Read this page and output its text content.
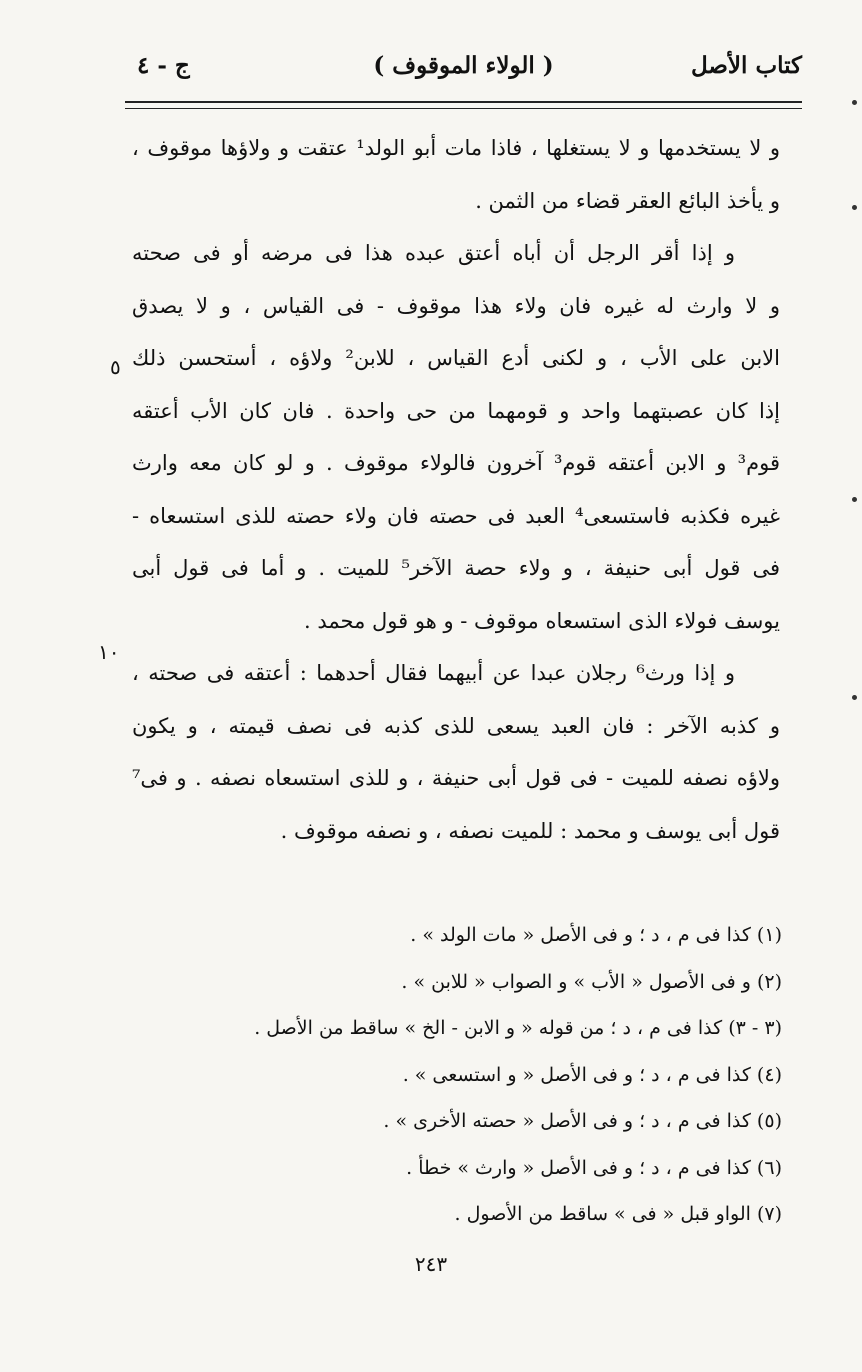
كتاب الأصل
( الولاء الموقوف )
ج - ٤
و لا يستخدمها و لا يستغلها ، فاذا مات أبو الولد¹ عتقت و ولاؤها موقوف ،
و يأخذ البائع العقر قضاء من الثمن .
و إذا أقر الرجل أن أباه أعتق عبده هذا فى مرضه أو فى صحته
و لا وارث له غيره فان ولاء هذا موقوف - فى القياس ، و لا يصدق
الابن على الأب ، و لكنى أدع القياس ، للابن² ولاؤه ، أستحسن ذلك
إذا كان عصبتهما واحد و قومهما من حى واحدة . فان كان الأب أعتقه
قوم³ و الابن أعتقه قوم³ آخرون فالولاء موقوف . و لو كان معه وارث
غيره فكذبه فاستسعى⁴ العبد فى حصته فان ولاء حصته للذى استسعاه -
فى قول أبى حنيفة ، و ولاء حصة الآخر⁵ للميت . و أما فى قول أبى
يوسف فولاء الذى استسعاه موقوف - و هو قول محمد .
و إذا ورث⁶ رجلان عبدا عن أبيهما فقال أحدهما : أعتقه فى صحته ،
و كذبه الآخر : فان العبد يسعى للذى كذبه فى نصف قيمته ، و يكون
ولاؤه نصفه للميت - فى قول أبى حنيفة ، و للذى استسعاه نصفه . و فى⁷
قول أبى يوسف و محمد : للميت نصفه ، و نصفه موقوف .
٥
١٠
(١) كذا فى م ، د ؛ و فى الأصل « مات الولد » .
(٢) و فى الأصول « الأب » و الصواب « للابن » .
(٣ - ٣) كذا فى م ، د ؛ من قوله « و الابن - الخ » ساقط من الأصل .
(٤) كذا فى م ، د ؛ و فى الأصل « و استسعى » .
(٥) كذا فى م ، د ؛ و فى الأصل « حصته الأخرى » .
(٦) كذا فى م ، د ؛ و فى الأصل « وارث » خطأ .
(٧) الواو قبل « فى » ساقط من الأصول .
٢٤٣
